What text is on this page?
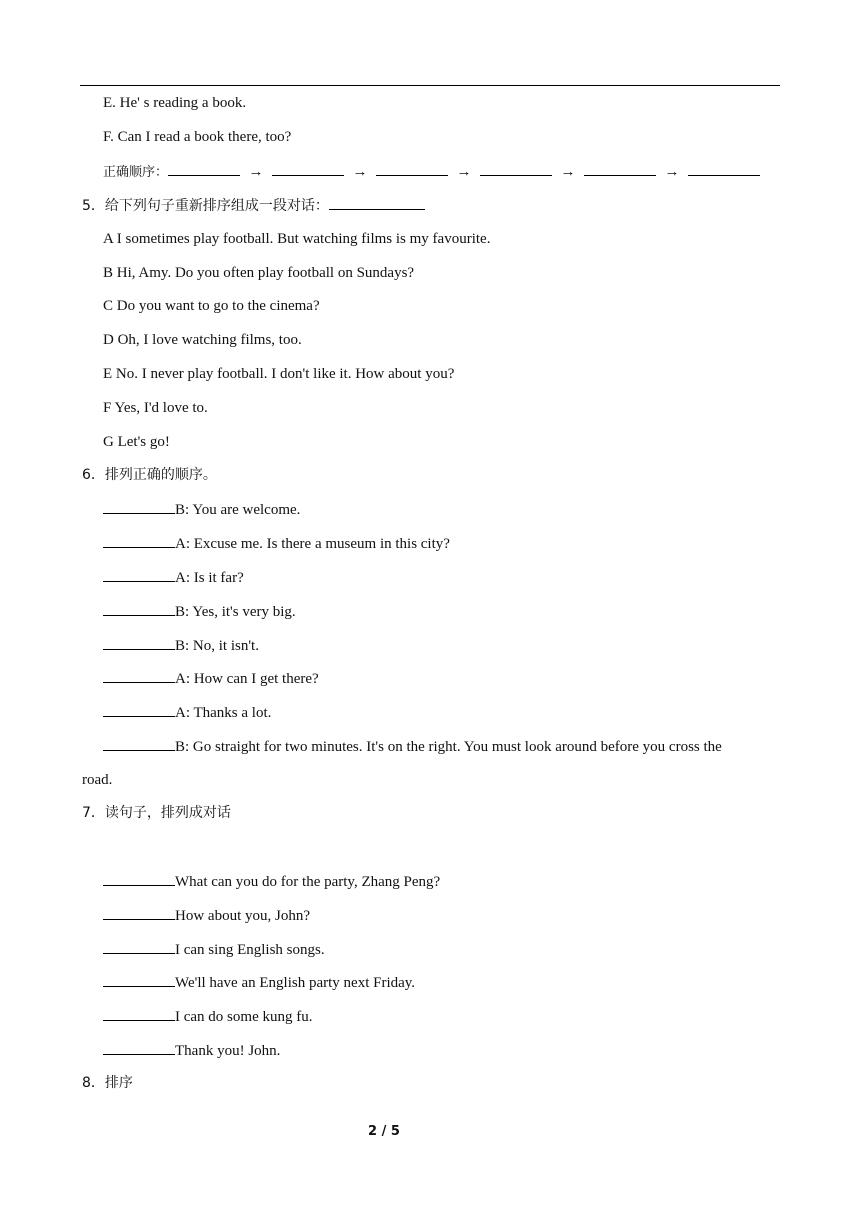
E. He' s reading a book.
F. Can I read a book there, too?
正确顺序：	→	→	→	→	→
5．给下列句子重新排序组成一段对话：
A I sometimes play football. But watching films is my favourite.
B Hi, Amy. Do you often play football on Sundays?
C Do you want to go to the cinema?
D Oh, I love watching films, too.
E No. I never play football. I don't like it. How about you?
F Yes, I'd love to.
G Let's go!
6．排列正确的顺序。
B: You are welcome.
A: Excuse me. Is there a museum in this city?
A: Is it far?
B: Yes, it's very big.
B: No, it isn't.
A: How can I get there?
A: Thanks a lot.
B: Go straight for two minutes. It's on the right. You must look around before you cross the
road.
7．读句子，排列成对话
What can you do for the party, Zhang Peng?
How about you, John?
I can sing English songs.
We'll have an English party next Friday.
I can do some kung fu.
Thank you! John.
8．排序
2 / 5
